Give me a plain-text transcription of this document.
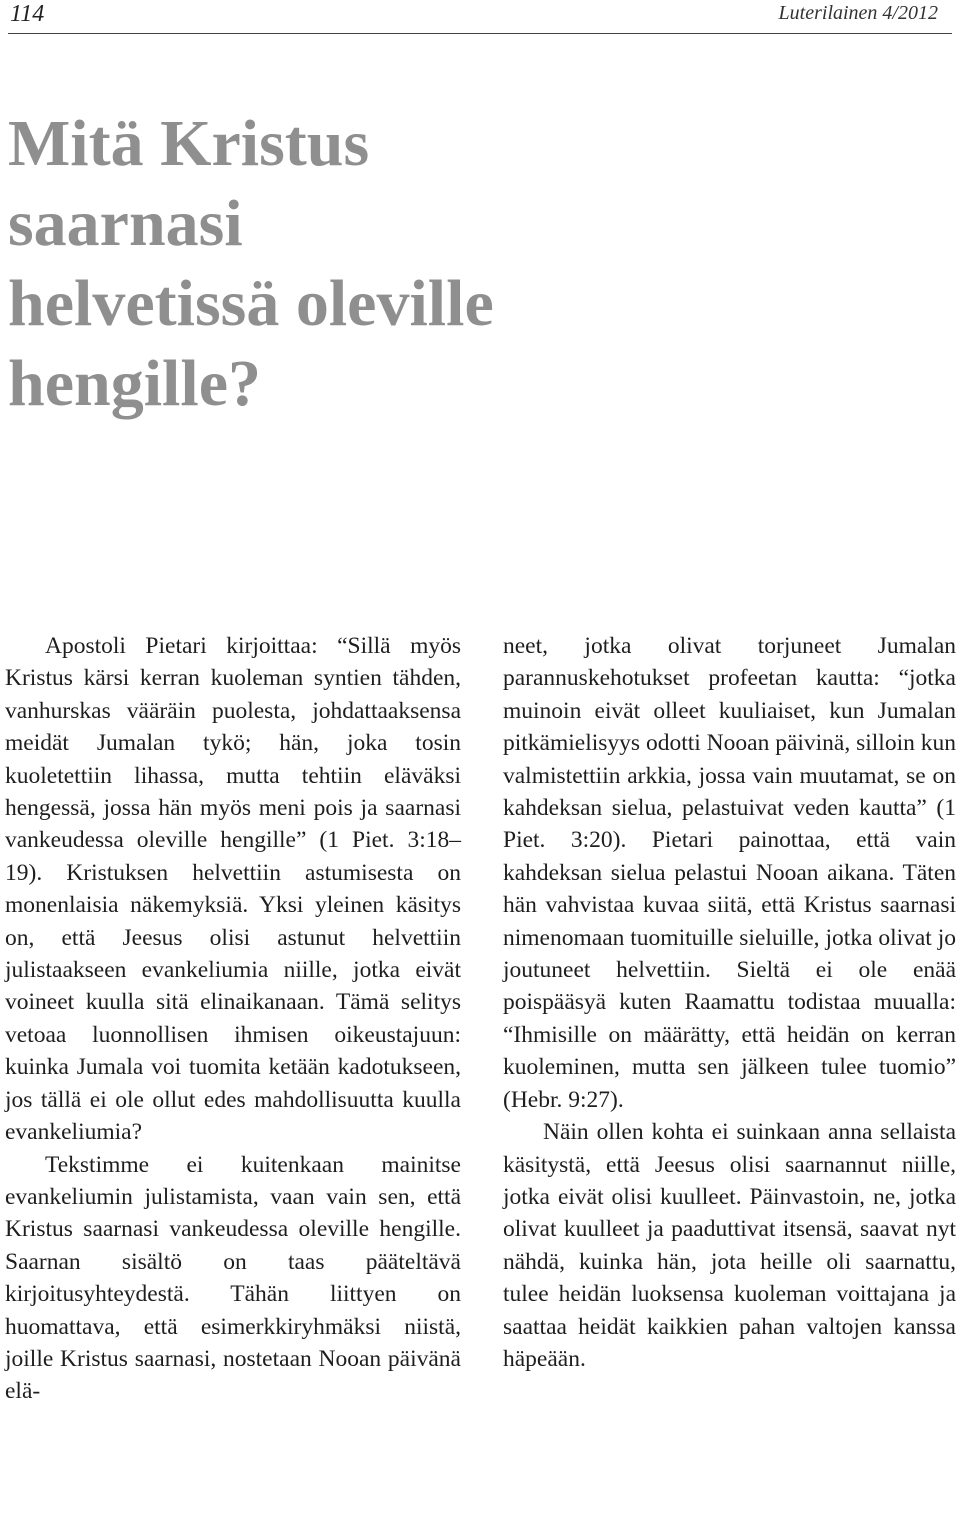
114	Luterilainen 4/2012
Mitä Kristus
saarnasi
helvetissä oleville
hengille?

Apostoli Pietari kirjoittaa: “Sillä myös Kristus kärsi kerran kuoleman syntien tähden, vanhurskas vääräin puolesta, johdattaaksensa meidät Jumalan tykö; hän, joka tosin kuoletettiin lihassa, mutta tehtiin eläväksi hengessä, jossa hän myös meni pois ja saarnasi vankeudessa oleville hengille” (1 Piet. 3:18–19). Kristuksen helvettiin astumisesta on monenlaisia näkemyksiä. Yksi yleinen käsitys on, että Jeesus olisi astunut helvettiin julistaakseen evankeliumia niille, jotka eivät voineet kuulla sitä elinaikanaan. Tämä selitys vetoaa luonnollisen ihmisen oikeustajuun: kuinka Jumala voi tuomita ketään kadotukseen, jos tällä ei ole ollut edes mahdollisuutta kuulla evankeliumia?

Tekstimme ei kuitenkaan mainitse evankeliumin julistamista, vaan vain sen, että Kristus saarnasi vankeudessa oleville hengille. Saarnan sisältö on taas pääteltävä kirjoitusyhteydestä. Tähän liittyen on huomattava, että esimerkkiryhmäksi niistä, joille Kristus saarnasi, nostetaan Nooan päivänä elä-

neet, jotka olivat torjuneet Jumalan parannuskehotukset profeetan kautta: “jotka muinoin eivät olleet kuuliaiset, kun Jumalan pitkämielisyys odotti Nooan päivinä, silloin kun valmistettiin arkkia, jossa vain muutamat, se on kahdeksan sielua, pelastuivat veden kautta” (1 Piet. 3:20). Pietari painottaa, että vain kahdeksan sielua pelastui Nooan aikana. Täten hän vahvistaa kuvaa siitä, että Kristus saarnasi nimenomaan tuomituille sieluille, jotka olivat jo joutuneet helvettiin. Sieltä ei ole enää poispääsyä kuten Raamattu todistaa muualla: “Ihmisille on määrätty, että heidän on kerran kuoleminen, mutta sen jälkeen tulee tuomio” (Hebr. 9:27).

Näin ollen kohta ei suinkaan anna sellaista käsitystä, että Jeesus olisi saarnannut niille, jotka eivät olisi kuulleet. Päinvastoin, ne, jotka olivat kuulleet ja paaduttivat itsensä, saavat nyt nähdä, kuinka hän, jota heille oli saarnattu, tulee heidän luoksensa kuoleman voittajana ja saattaa heidät kaikkien pahan valtojen kanssa häpeään.
